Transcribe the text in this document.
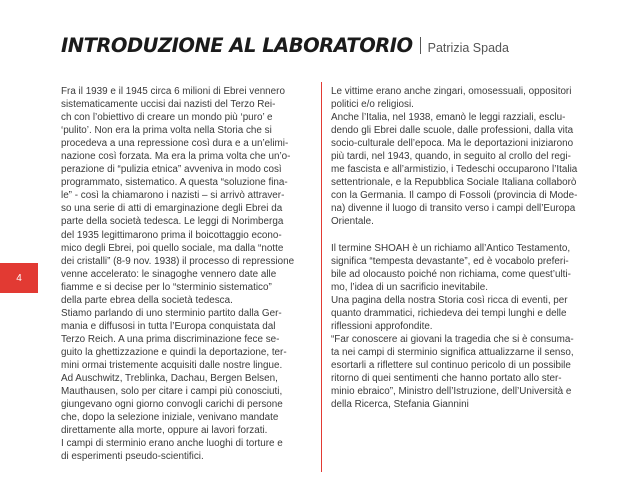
INTRODUZIONE AL LABORATORIO Patrizia Spada
4
Fra il 1939 e il 1945 circa 6 milioni di Ebrei vennero
sistematicamente uccisi dai nazisti del Terzo Rei-
ch con l’obiettivo di creare un mondo più ‘puro’ e
‘pulito’. Non era la prima volta nella Storia che si
procedeva a una repressione così dura e a un’elimi-
nazione così forzata. Ma era la prima volta che un’o-
perazione di “pulizia etnica” avveniva in modo così
programmato, sistematico. A questa “soluzione fina-
le” - così la chiamarono i nazisti – si arrivò attraver-
so una serie di atti di emarginazione degli Ebrei da
parte della società tedesca. Le leggi di Norimberga
del 1935 legittimarono prima il boicottaggio econo-
mico degli Ebrei, poi quello sociale, ma dalla “notte
dei cristalli” (8-9 nov. 1938) il processo di repressione
venne accelerato: le sinagoghe vennero date alle
fiamme e si decise per lo “sterminio sistematico”
della parte ebrea della società tedesca.
Stiamo parlando di uno sterminio partito dalla Ger-
mania e diffusosi in tutta l’Europa conquistata dal
Terzo Reich. A una prima discriminazione fece se-
guito la ghettizzazione e quindi la deportazione, ter-
mini ormai tristemente acquisiti dalle nostre lingue.
Ad Auschwitz, Treblinka, Dachau, Bergen Belsen,
Mauthausen, solo per citare i campi più conosciuti,
giungevano ogni giorno convogli carichi di persone
che, dopo la selezione iniziale, venivano mandate
direttamente alla morte, oppure ai lavori forzati.
I campi di sterminio erano anche luoghi di torture e
di esperimenti pseudo-scientifici.
Le vittime erano anche zingari, omosessuali, oppositori
politici e/o religiosi.
Anche l’Italia, nel 1938, emanò le leggi razziali, esclu-
dendo gli Ebrei dalle scuole, dalle professioni, dalla vita
socio-culturale dell’epoca. Ma le deportazioni iniziarono
più tardi, nel 1943, quando, in seguito al crollo del regi-
me fascista e all’armistizio, i Tedeschi occuparono l’Italia
settentrionale, e la Repubblica Sociale Italiana collaborò
con la Germania. Il campo di Fossoli (provincia di Mode-
na) divenne il luogo di transito verso i campi dell’Europa
Orientale.
Il termine SHOAH è un richiamo all’Antico Testamento,
significa “tempesta devastante”, ed è vocabolo preferi-
bile ad olocausto poiché non richiama, come quest’ulti-
mo, l’idea di un sacrificio inevitabile.
Una pagina della nostra Storia così ricca di eventi, per
quanto drammatici, richiedeva dei tempi lunghi e delle
riflessioni approfondite.
“Far conoscere ai giovani la tragedia che si è consuma-
ta nei campi di sterminio significa attualizzarne il senso,
esortarli a riflettere sul continuo pericolo di un possibile
ritorno di quei sentimenti che hanno portato allo ster-
minio ebraico”, Ministro dell’Istruzione, dell’Università e
della Ricerca, Stefania Giannini
